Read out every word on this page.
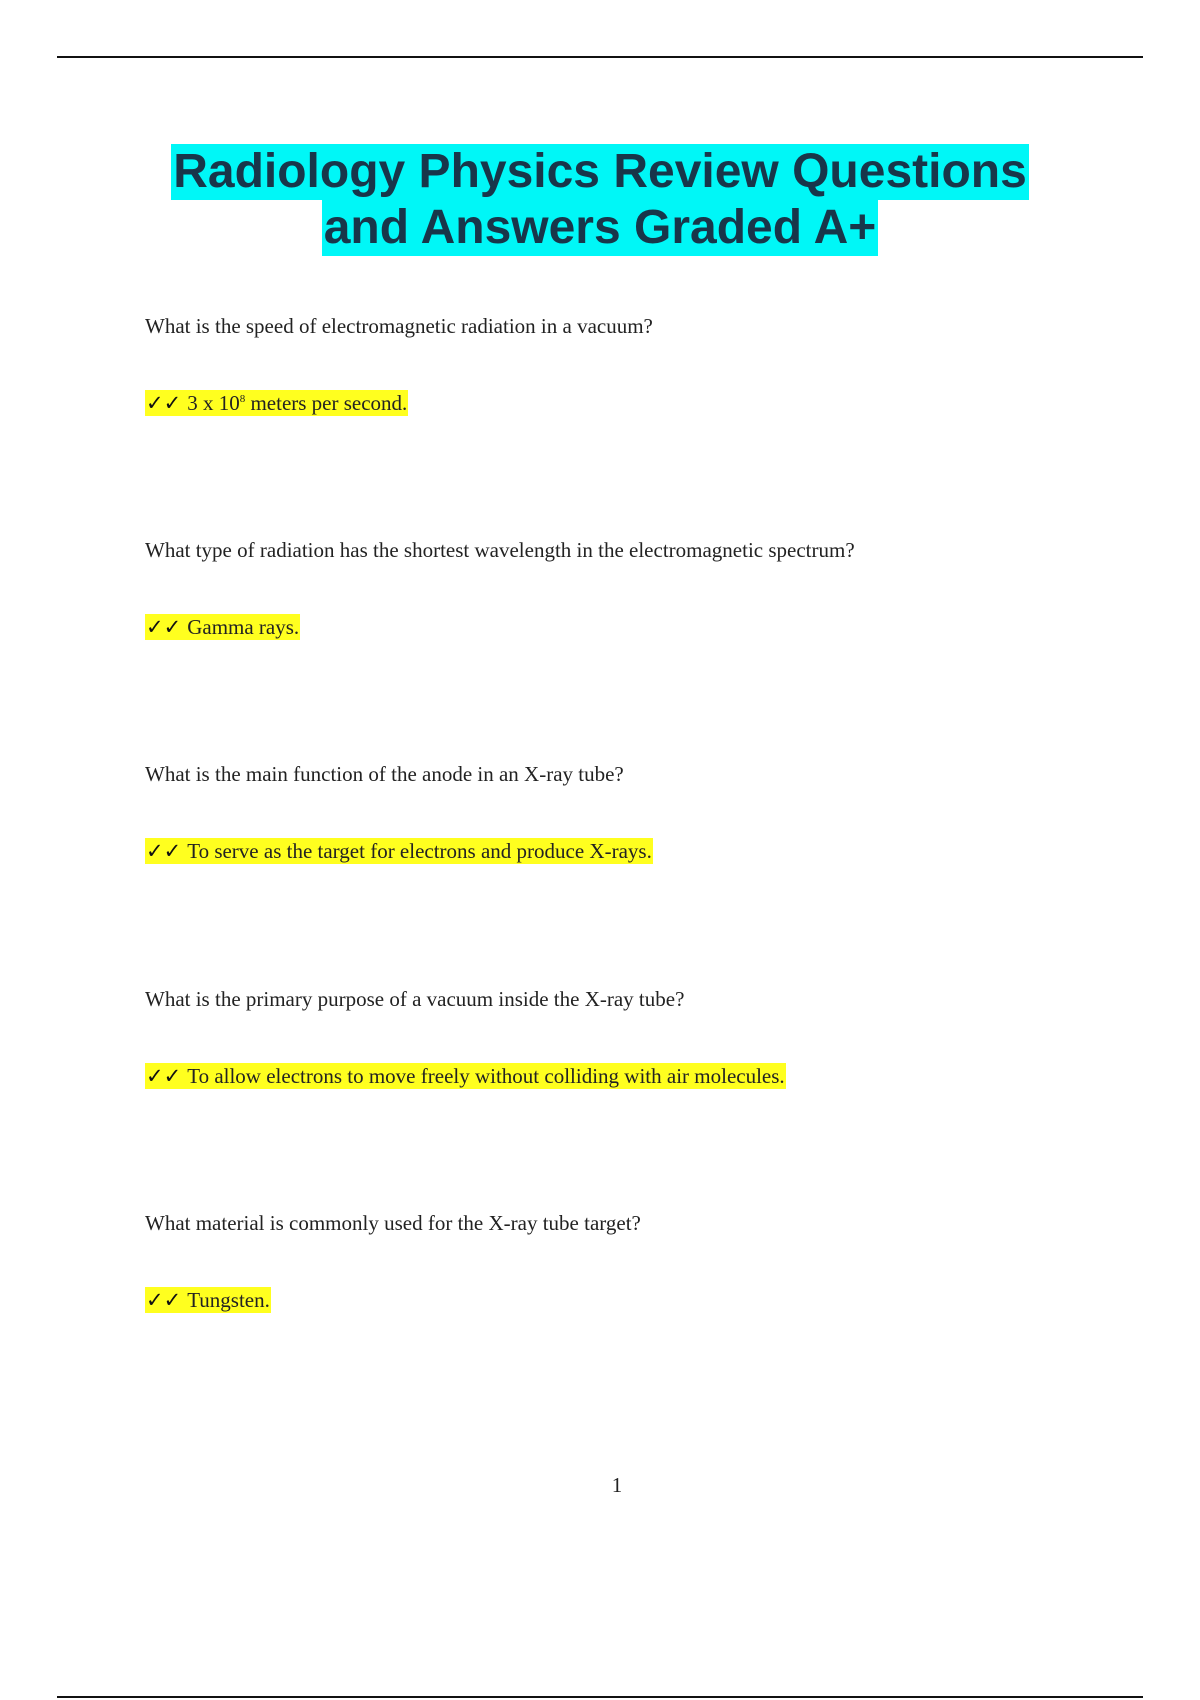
Radiology Physics Review Questions
and Answers Graded A+

What is the speed of electromagnetic radiation in a vacuum?

✓✓ 3 x $10^8$ meters per second.

What type of radiation has the shortest wavelength in the electromagnetic spectrum?

✓✓ Gamma rays.

What is the main function of the anode in an X-ray tube?

✓✓ To serve as the target for electrons and produce X-rays.

What is the primary purpose of a vacuum inside the X-ray tube?

✓✓ To allow electrons to move freely without colliding with air molecules.

What material is commonly used for the X-ray tube target?

✓✓ Tungsten.
1
